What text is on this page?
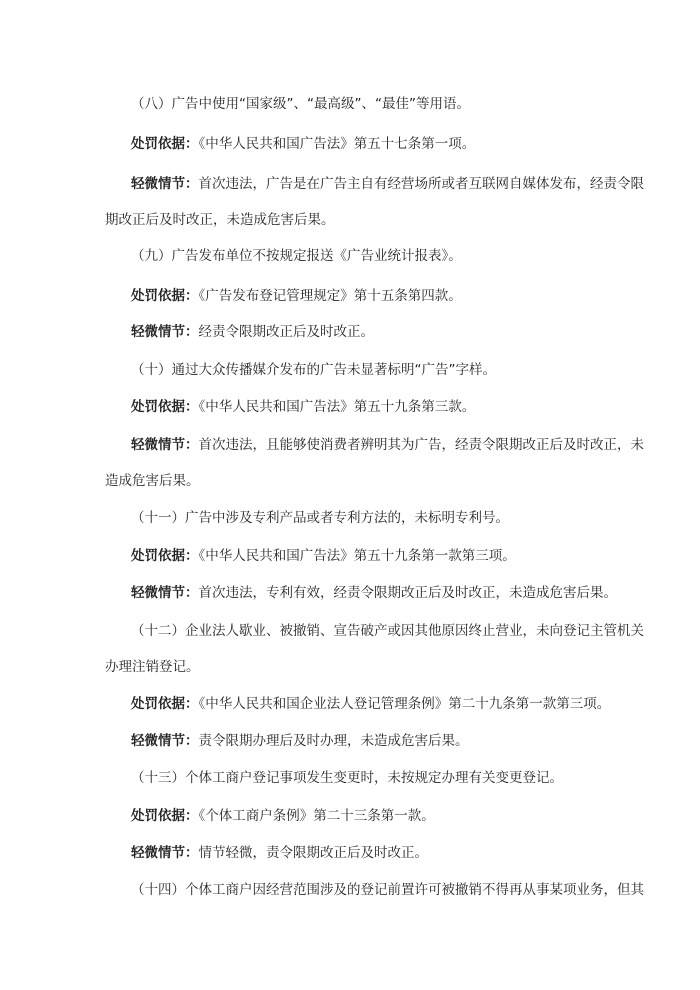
（八）广告中使用“国家级”、“最高级”、“最佳”等用语。

处罚依据：《中华人民共和国广告法》第五十七条第一项。

轻微情节：首次违法，广告是在广告主自有经营场所或者互联网自媒体发布，经责令限
期改正后及时改正，未造成危害后果。

（九）广告发布单位不按规定报送《广告业统计报表》。

处罚依据：《广告发布登记管理规定》第十五条第四款。

轻微情节：经责令限期改正后及时改正。

（十）通过大众传播媒介发布的广告未显著标明“广告”字样。

处罚依据：《中华人民共和国广告法》第五十九条第三款。

轻微情节：首次违法，且能够使消费者辨明其为广告，经责令限期改正后及时改正，未
造成危害后果。

（十一）广告中涉及专利产品或者专利方法的，未标明专利号。

处罚依据：《中华人民共和国广告法》第五十九条第一款第三项。

轻微情节：首次违法，专利有效，经责令限期改正后及时改正，未造成危害后果。

（十二）企业法人歇业、被撤销、宣告破产或因其他原因终止营业，未向登记主管机关
办理注销登记。

处罚依据：《中华人民共和国企业法人登记管理条例》第二十九条第一款第三项。

轻微情节：责令限期办理后及时办理，未造成危害后果。

（十三）个体工商户登记事项发生变更时，未按规定办理有关变更登记。

处罚依据：《个体工商户条例》第二十三条第一款。

轻微情节：情节轻微，责令限期改正后及时改正。

（十四）个体工商户因经营范围涉及的登记前置许可被撤销不得再从事某项业务，但其
